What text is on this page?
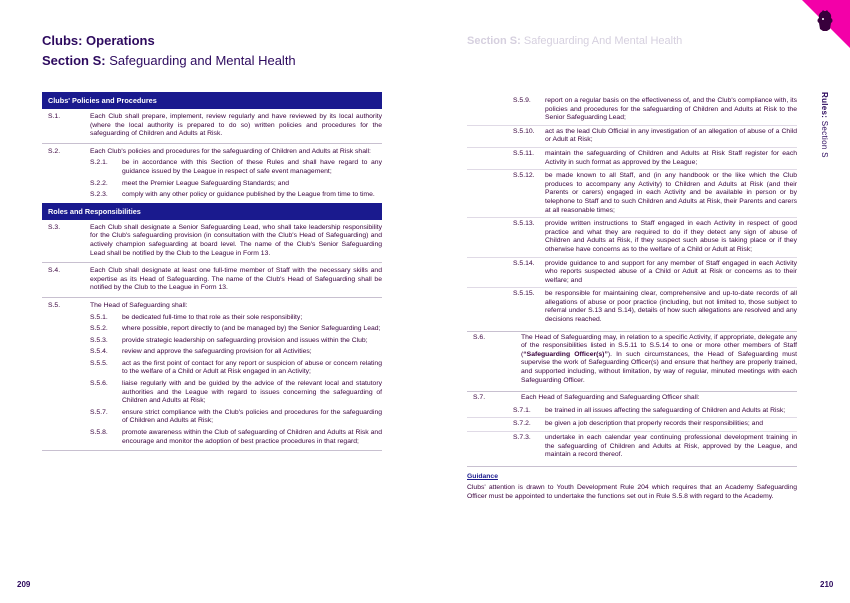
Clubs: Operations
Section S: Safeguarding and Mental Health
Section S: Safeguarding And Mental Health
Rules: Section S
Clubs' Policies and Procedures
S.1.	Each Club shall prepare, implement, review regularly and have reviewed by its local authority (where the local authority is prepared to do so) written policies and procedures for the safeguarding of Children and Adults at Risk.
S.2.	Each Club's policies and procedures for the safeguarding of Children and Adults at Risk shall:
S.2.1.	be in accordance with this Section of these Rules and shall have regard to any guidance issued by the League in respect of safe event management;
S.2.2.	meet the Premier League Safeguarding Standards; and
S.2.3.	comply with any other policy or guidance published by the League from time to time.
Roles and Responsibilities
S.3.	Each Club shall designate a Senior Safeguarding Lead, who shall take leadership responsibility for the Club's safeguarding provision (in consultation with the Club's Head of Safeguarding) and actively champion safeguarding at board level. The name of the Club's Senior Safeguarding Lead shall be notified by the Club to the League in Form 13.
S.4.	Each Club shall designate at least one full-time member of Staff with the necessary skills and expertise as its Head of Safeguarding. The name of the Club's Head of Safeguarding shall be notified by the Club to the League in Form 13.
S.5.	The Head of Safeguarding shall:
S.5.1.	be dedicated full-time to that role as their sole responsibility;
S.5.2.	where possible, report directly to (and be managed by) the Senior Safeguarding Lead;
S.5.3.	provide strategic leadership on safeguarding provision and issues within the Club;
S.5.4.	review and approve the safeguarding provision for all Activities;
S.5.5.	act as the first point of contact for any report or suspicion of abuse or concern relating to the welfare of a Child or Adult at Risk engaged in an Activity;
S.5.6.	liaise regularly with and be guided by the advice of the relevant local and statutory authorities and the League with regard to issues concerning the safeguarding of Children and Adults at Risk;
S.5.7.	ensure strict compliance with the Club's policies and procedures for the safeguarding of Children and Adults at Risk;
S.5.8.	promote awareness within the Club of safeguarding of Children and Adults at Risk and encourage and monitor the adoption of best practice procedures in that regard;
S.5.9.	report on a regular basis on the effectiveness of, and the Club's compliance with, its policies and procedures for the safeguarding of Children and Adults at Risk to the Senior Safeguarding Lead;
S.5.10.	act as the lead Club Official in any investigation of an allegation of abuse of a Child or Adult at Risk;
S.5.11.	maintain the safeguarding of Children and Adults at Risk Staff register for each Activity in such format as approved by the League;
S.5.12.	be made known to all Staff, and (in any handbook or the like which the Club produces to accompany any Activity) to Children and Adults at Risk (and their Parents or carers) engaged in each Activity and be available in person or by telephone to Staff and to such Children and Adults at Risk, their Parents and carers at all reasonable times;
S.5.13.	provide written instructions to Staff engaged in each Activity in respect of good practice and what they are required to do if they detect any sign of abuse of Children and Adults at Risk, if they suspect such abuse is taking place or if they otherwise have concerns as to the welfare of a Child or Adult at Risk;
S.5.14.	provide guidance to and support for any member of Staff engaged in each Activity who reports suspected abuse of a Child or Adult at Risk or concerns as to their welfare; and
S.5.15.	be responsible for maintaining clear, comprehensive and up-to-date records of all allegations of abuse or poor practice (including, but not limited to, those subject to referral under S.13 and S.14), details of how such allegations are resolved and any decisions reached.
S.6.	The Head of Safeguarding may, in relation to a specific Activity, if appropriate, delegate any of the responsibilities listed in S.5.11 to S.5.14 to one or more other members of Staff (“Safeguarding Officer(s)”). In such circumstances, the Head of Safeguarding must supervise the work of Safeguarding Officer(s) and ensure that he/they are properly trained, and supported including, without limitation, by way of regular, minuted meetings with each Safeguarding Officer.
S.7.	Each Head of Safeguarding and Safeguarding Officer shall:
S.7.1.	be trained in all issues affecting the safeguarding of Children and Adults at Risk;
S.7.2.	be given a job description that properly records their responsibilities; and
S.7.3.	undertake in each calendar year continuing professional development training in the safeguarding of Children and Adults at Risk, approved by the League, and maintain a record thereof.
Guidance
Clubs' attention is drawn to Youth Development Rule 204 which requires that an Academy Safeguarding Officer must be appointed to undertake the functions set out in Rule S.5.8 with regard to the Academy.
209	210
